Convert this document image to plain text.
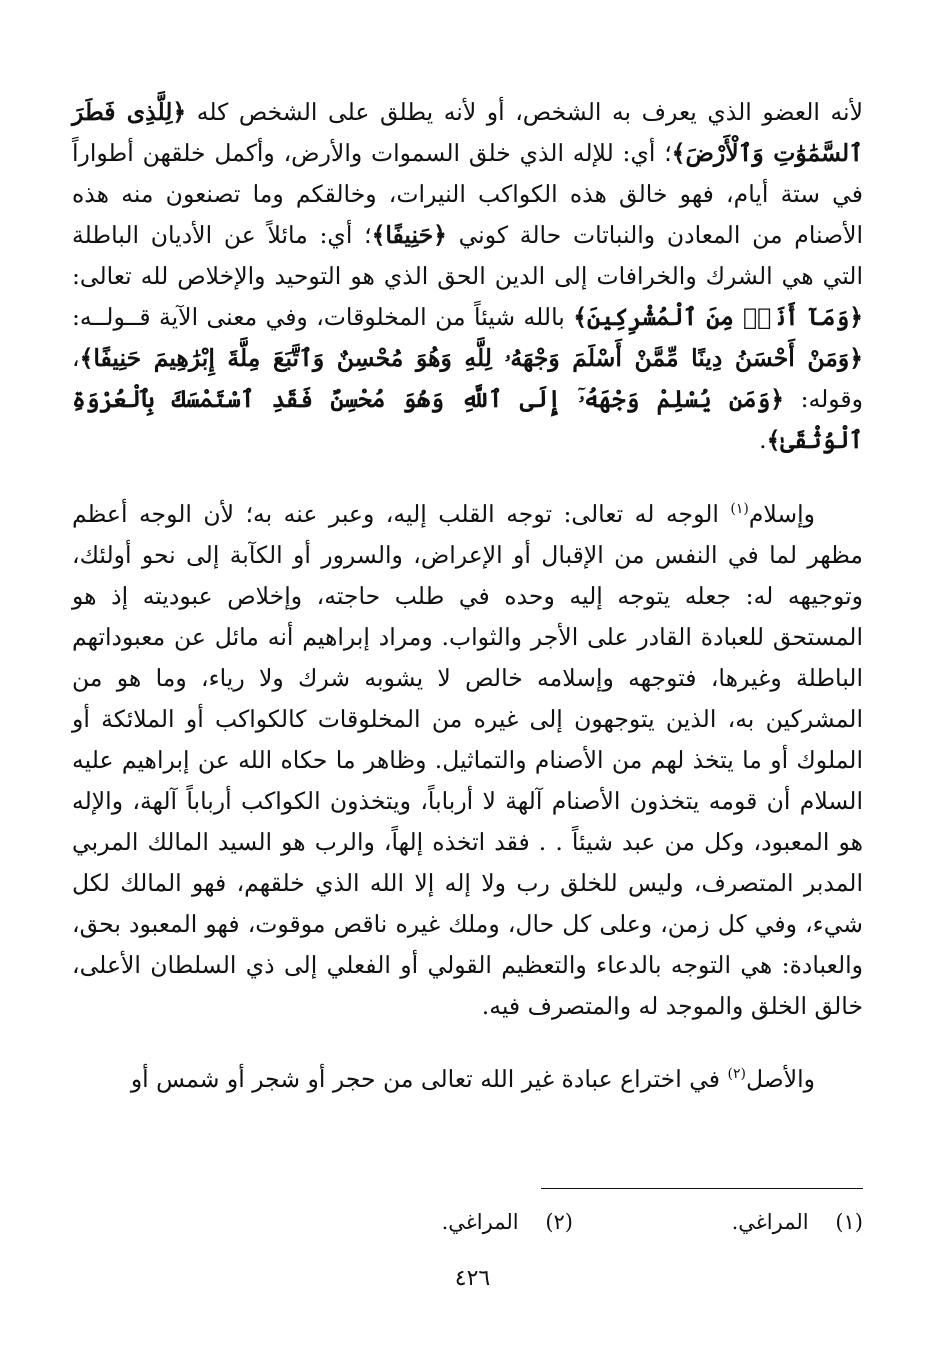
لأنه العضو الذي يعرف به الشخص، أو لأنه يطلق على الشخص كله ﴿لِلَّذِى فَطَرَ ٱلسَّمَٰوَٰتِ وَٱلْأَرْضَ﴾؛ أي: للإله الذي خلق السموات والأرض، وأكمل خلقهن أطواراً في ستة أيام، فهو خالق هذه الكواكب النيرات، وخالقكم وما تصنعون منه هذه الأصنام من المعادن والنباتات حالة كوني ﴿حَنِيفًا﴾؛ أي: مائلاً عن الأديان الباطلة التي هي الشرك والخرافات إلى الدين الحق الذي هو التوحيد والإخلاص لله تعالى: ﴿وَمَآ أَنَا۠ مِنَ ٱلْمُشْرِكِينَ﴾ بالله شيئاً من المخلوقات، وفي معنى الآية قــولــه: ﴿وَمَنْ أَحْسَنُ دِينًا مِّمَّنْ أَسْلَمَ وَجْهَهُۥ لِلَّهِ وَهُوَ مُحْسِنٌ وَٱتَّبَعَ مِلَّةَ إِبْرَٰهِيمَ حَنِيفًا﴾، وقوله: ﴿وَمَن يُسْلِمْ وَجْهَهُۥٓ إِلَى ٱللَّهِ وَهُوَ مُحْسِنٌ فَقَدِ ٱسْتَمْسَكَ بِٱلْعُرْوَةِ ٱلْوُثْقَىٰ﴾.

وإسلام$^{(١)}$ الوجه له تعالى: توجه القلب إليه، وعبر عنه به؛ لأن الوجه أعظم مظهر لما في النفس من الإقبال أو الإعراض، والسرور أو الكآبة إلى نحو أولئك، وتوجيهه له: جعله يتوجه إليه وحده في طلب حاجته، وإخلاص عبوديته إذ هو المستحق للعبادة القادر على الأجر والثواب. ومراد إبراهيم أنه مائل عن معبوداتهم الباطلة وغيرها، فتوجهه وإسلامه خالص لا يشوبه شرك ولا رياء، وما هو من المشركين به، الذين يتوجهون إلى غيره من المخلوقات كالكواكب أو الملائكة أو الملوك أو ما يتخذ لهم من الأصنام والتماثيل. وظاهر ما حكاه الله عن إبراهيم عليه السلام أن قومه يتخذون الأصنام آلهة لا أرباباً، ويتخذون الكواكب أرباباً آلهة، والإله هو المعبود، وكل من عبد شيئاً . . فقد اتخذه إلهاً، والرب هو السيد المالك المربي المدبر المتصرف، وليس للخلق رب ولا إله إلا الله الذي خلقهم، فهو المالك لكل شيء، وفي كل زمن، وعلى كل حال، وملك غيره ناقص موقوت، فهو المعبود بحق، والعبادة: هي التوجه بالدعاء والتعظيم القولي أو الفعلي إلى ذي السلطان الأعلى، خالق الخلق والموجد له والمتصرف فيه.

والأصل$^{(٢)}$ في اختراع عبادة غير الله تعالى من حجر أو شجر أو شمس أو

(١)    المراغي.
(٢)    المراغي.
٤٢٦
